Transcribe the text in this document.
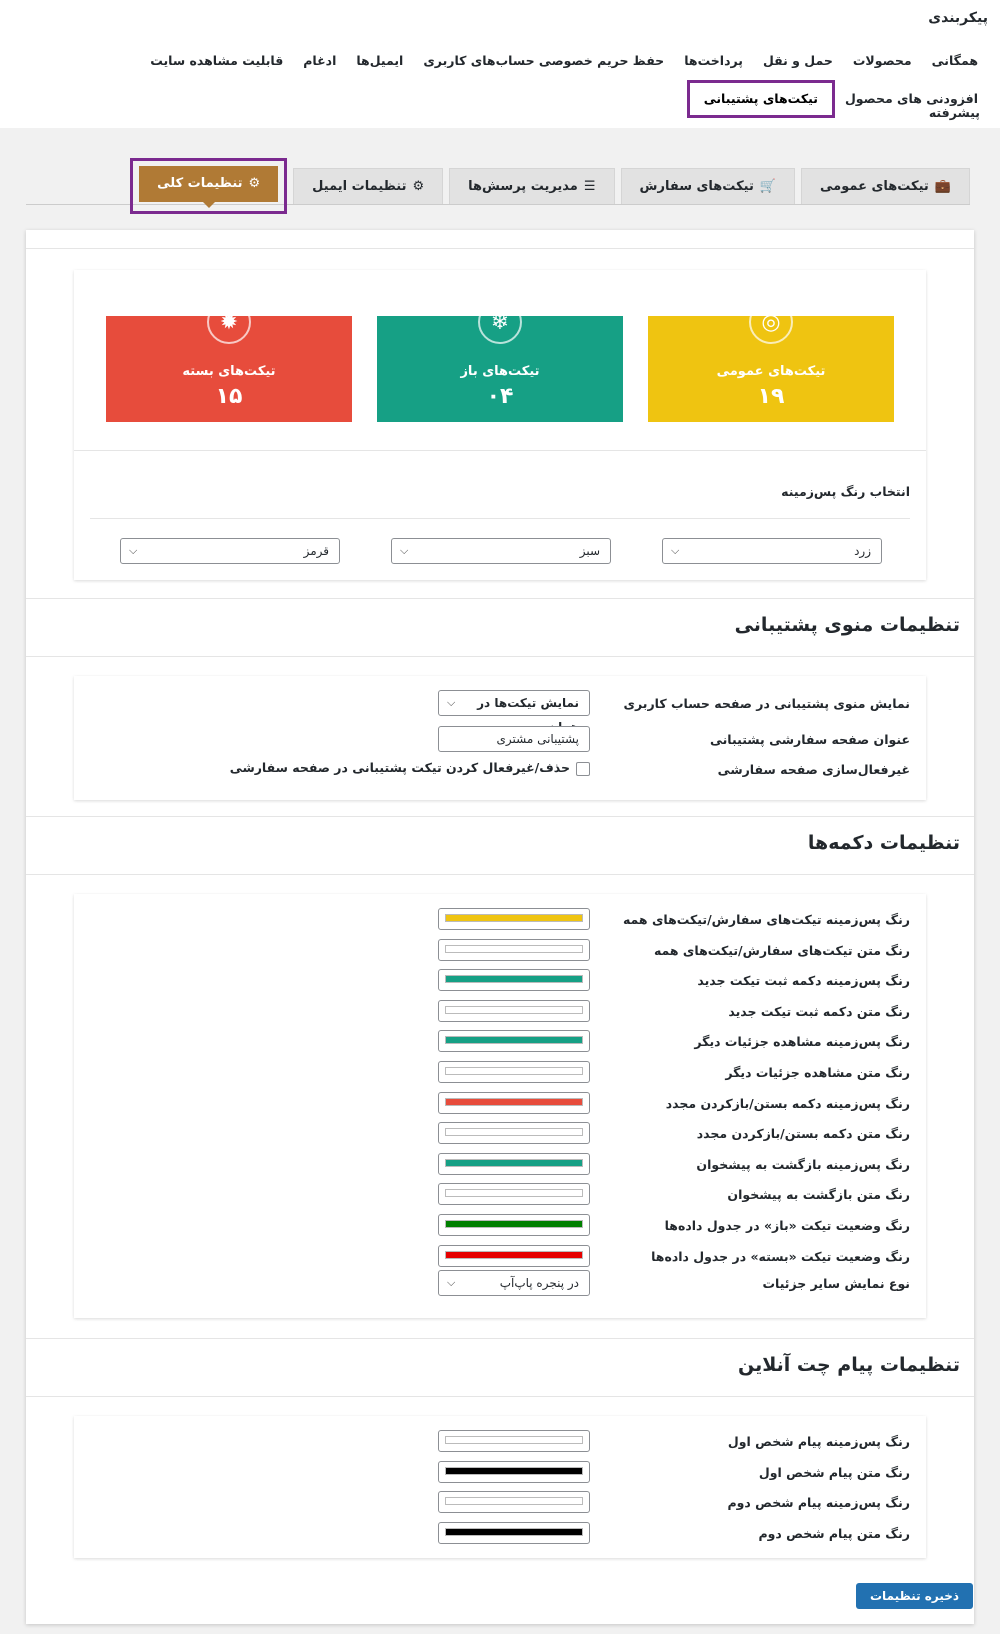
پیکربندی
همگانی
محصولات
حمل و نقل
پرداخت‌ها
حفظ حریم خصوصی حساب‌های کاربری
ایمیل‌ها
ادغام
قابلیت مشاهده سایت
افزودنی های محصول
تیکت‌های پشتیبانی
پیشرفته
💼
تیکت‌های عمومی
🛒
تیکت‌های سفارش
☰
مدیریت پرسش‌ها
⚙
تنظیمات ایمیل
⚙
تنظیمات کلی
◎
تیکت‌های عمومی
۱۹
❄
تیکت‌های باز
۰۴
✹
تیکت‌های بسته
۱۵
انتخاب رنگ پس‌زمینه
زرد
⌵
سبز
⌵
قرمز
⌵
تنظیمات منوی پشتیبانی
نمایش منوی پشتیبانی در صفحه حساب کاربری
نمایش تیکت‌ها در
⌵
عنوان صفحه سفارشی پشتیبانی
پشتیبانی مشتری
غیرفعال‌سازی صفحه سفارشی
حذف/غیرفعال کردن تیکت پشتیبانی در صفحه سفارشی
تنظیمات دکمه‌ها
رنگ پس‌زمینه تیکت‌های سفارش/تیکت‌های همه
رنگ متن تیکت‌های سفارش/تیکت‌های همه
رنگ پس‌زمینه دکمه ثبت تیکت جدید
رنگ متن دکمه ثبت تیکت جدید
رنگ پس‌زمینه مشاهده جزئیات دیگر
رنگ متن مشاهده جزئیات دیگر
رنگ پس‌زمینه دکمه بستن/بازکردن مجدد
رنگ متن دکمه بستن/بازکردن مجدد
رنگ پس‌زمینه بازگشت به پیشخوان
رنگ متن بازگشت به پیشخوان
رنگ وضعیت تیکت «باز» در جدول داده‌ها
رنگ وضعیت تیکت «بسته» در جدول داده‌ها
نوع نمایش سایر جزئیات
در پنجره پاپ‌آپ
⌵
تنظیمات پیام چت آنلاین
رنگ پس‌زمینه پیام شخص اول
رنگ متن پیام شخص اول
رنگ پس‌زمینه پیام شخص دوم
رنگ متن پیام شخص دوم
ذخیره تنظیمات
